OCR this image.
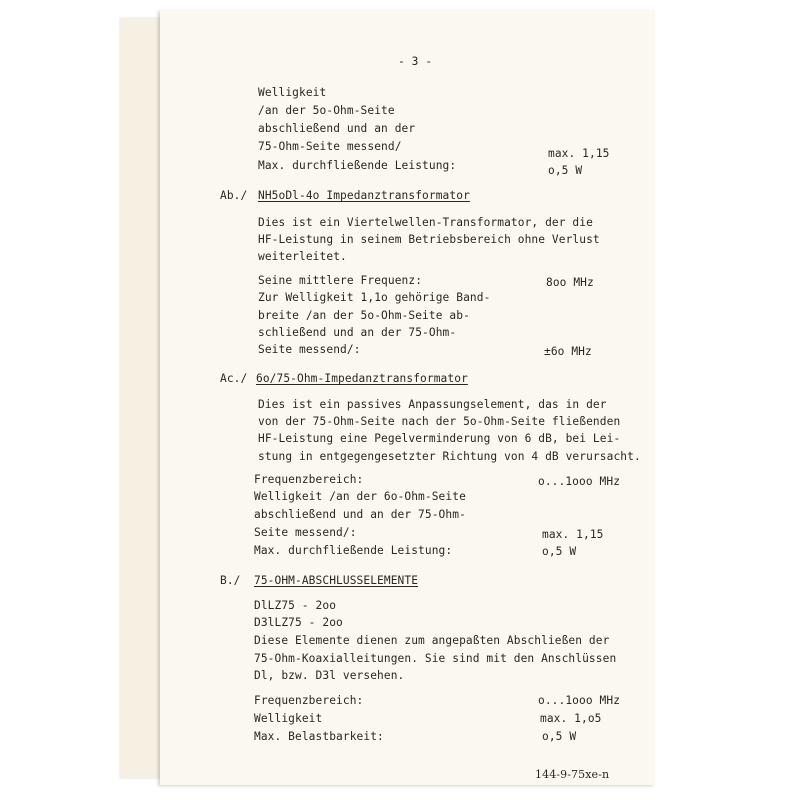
- 3 -
Welligkeit
/an der 5o-Ohm-Seite
abschließend und an der
75-Ohm-Seite messend/
Max. durchfließende Leistung:
max. 1,15
o,5 W
Ab./ NH5oDl-4o Impedanztransformator
Dies ist ein Viertelwellen-Transformator, der die
HF-Leistung in seinem Betriebsbereich ohne Verlust
weiterleitet.
Seine mittlere Frequenz:
Zur Welligkeit 1,1o gehörige Band-
breite /an der 5o-Ohm-Seite ab-
schließend und an der 75-Ohm-
Seite messend/:
8oo MHz
±6o MHz
Ac./ 6o/75-Ohm-Impedanztransformator
Dies ist ein passives Anpassungselement, das in der
von der 75-Ohm-Seite nach der 5o-Ohm-Seite fließenden
HF-Leistung eine Pegelverminderung von 6 dB, bei Lei-
stung in entgegengesetzter Richtung von 4 dB verursacht.
Frequenzbereich:
Welligkeit /an der 6o-Ohm-Seite
abschließend und an der 75-Ohm-
Seite messend/:
Max. durchfließende Leistung:
o...1ooo MHz
max. 1,15
o,5 W
B./ 75-OHM-ABSCHLUSSELEMENTE
DlLZ75 - 2oo
D3lLZ75 - 2oo
Diese Elemente dienen zum angepaßten Abschließen der
75-Ohm-Koaxialleitungen. Sie sind mit den Anschlüssen
Dl, bzw. D3l versehen.
Frequenzbereich:
Welligkeit
Max. Belastbarkeit:
o...1ooo MHz
max. 1,o5
o,5 W
144-9-75xe-n
